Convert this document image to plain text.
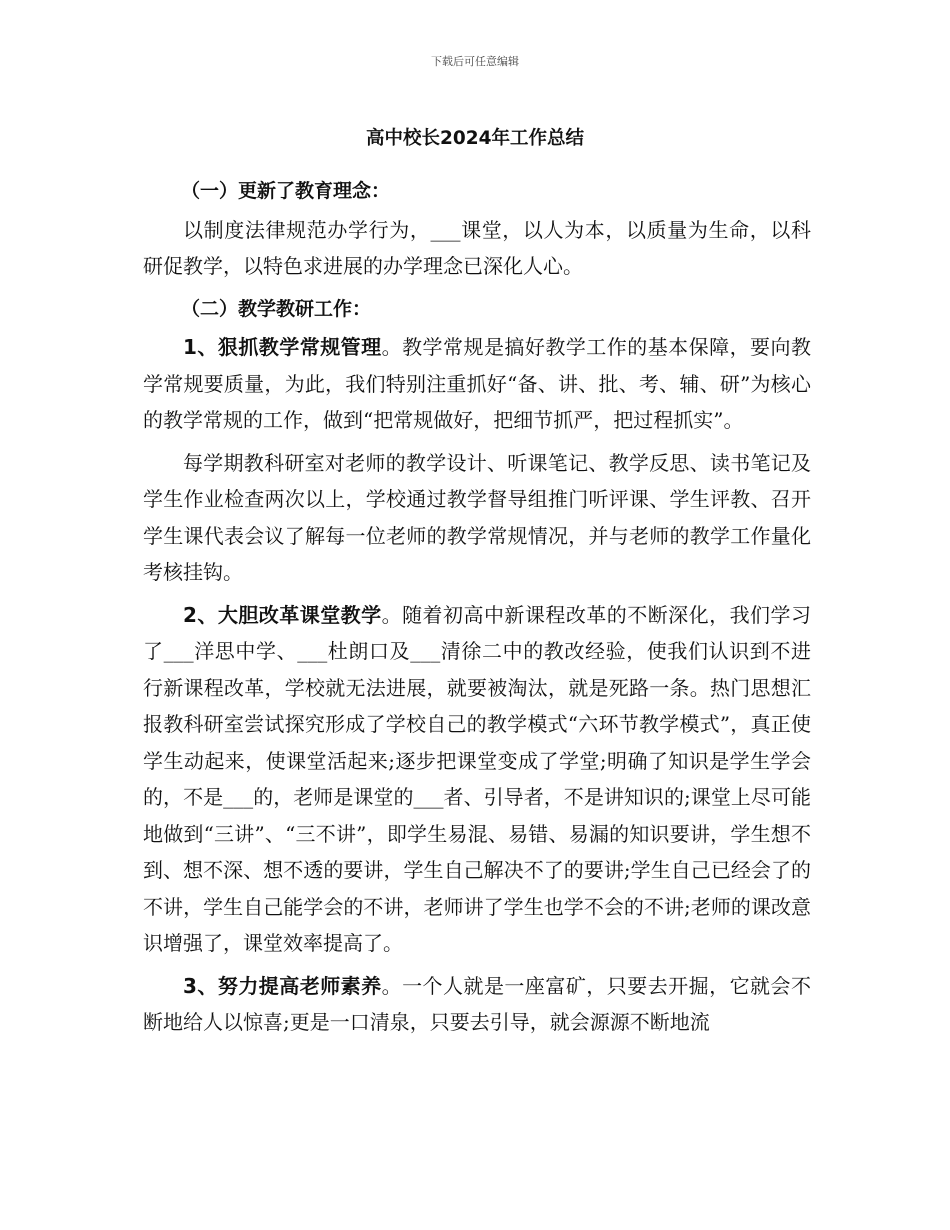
下载后可任意编辑
高中校长2024年工作总结

（一）更新了教育理念：

以制度法律规范办学行为，___课堂，以人为本，以质量为生命，以科研促教学，以特色求进展的办学理念已深化人心。

（二）教学教研工作：

1、狠抓教学常规管理。教学常规是搞好教学工作的基本保障，要向教学常规要质量，为此，我们特别注重抓好“备、讲、批、考、辅、研”为核心的教学常规的工作，做到“把常规做好，把细节抓严，把过程抓实”。

每学期教科研室对老师的教学设计、听课笔记、教学反思、读书笔记及学生作业检查两次以上，学校通过教学督导组推门听评课、学生评教、召开学生课代表会议了解每一位老师的教学常规情况，并与老师的教学工作量化考核挂钩。

2、大胆改革课堂教学。随着初高中新课程改革的不断深化，我们学习了___洋思中学、___杜朗口及___清徐二中的教改经验，使我们认识到不进行新课程改革，学校就无法进展，就要被淘汰，就是死路一条。热门思想汇报教科研室尝试探究形成了学校自己的教学模式“六环节教学模式”，真正使学生动起来，使课堂活起来;逐步把课堂变成了学堂;明确了知识是学生学会的，不是___的，老师是课堂的___者、引导者，不是讲知识的;课堂上尽可能地做到“三讲”、“三不讲”，即学生易混、易错、易漏的知识要讲，学生想不到、想不深、想不透的要讲，学生自己解决不了的要讲;学生自己已经会了的不讲，学生自己能学会的不讲，老师讲了学生也学不会的不讲;老师的课改意识增强了，课堂效率提高了。

3、努力提高老师素养。一个人就是一座富矿，只要去开掘，它就会不断地给人以惊喜;更是一口清泉，只要去引导，就会源源不断地流
